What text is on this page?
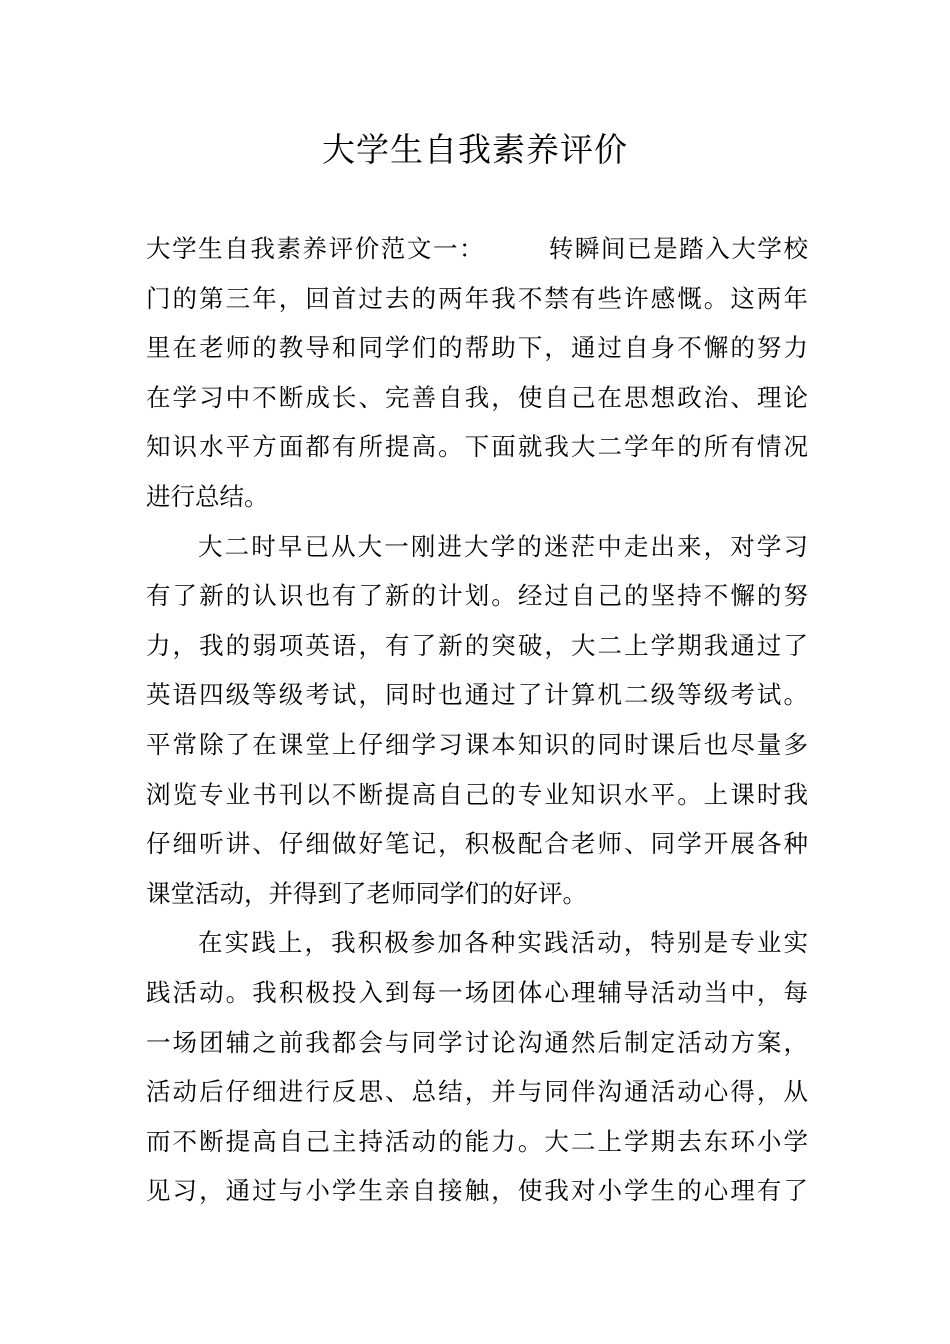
大学生自我素养评价
大学生自我素养评价范文一：	转瞬间已是踏入大学校
门的第三年，回首过去的两年我不禁有些许感慨。这两年
里在老师的教导和同学们的帮助下，通过自身不懈的努力
在学习中不断成长、完善自我，使自己在思想政治、理论
知识水平方面都有所提高。下面就我大二学年的所有情况
进行总结。
大二时早已从大一刚进大学的迷茫中走出来，对学习
有了新的认识也有了新的计划。经过自己的坚持不懈的努
力，我的弱项英语，有了新的突破，大二上学期我通过了
英语四级等级考试，同时也通过了计算机二级等级考试。
平常除了在课堂上仔细学习课本知识的同时课后也尽量多
浏览专业书刊以不断提高自己的专业知识水平。上课时我
仔细听讲、仔细做好笔记，积极配合老师、同学开展各种
课堂活动，并得到了老师同学们的好评。
在实践上，我积极参加各种实践活动，特别是专业实
践活动。我积极投入到每一场团体心理辅导活动当中，每
一场团辅之前我都会与同学讨论沟通然后制定活动方案，
活动后仔细进行反思、总结，并与同伴沟通活动心得，从
而不断提高自己主持活动的能力。大二上学期去东环小学
见习，通过与小学生亲自接触，使我对小学生的心理有了
